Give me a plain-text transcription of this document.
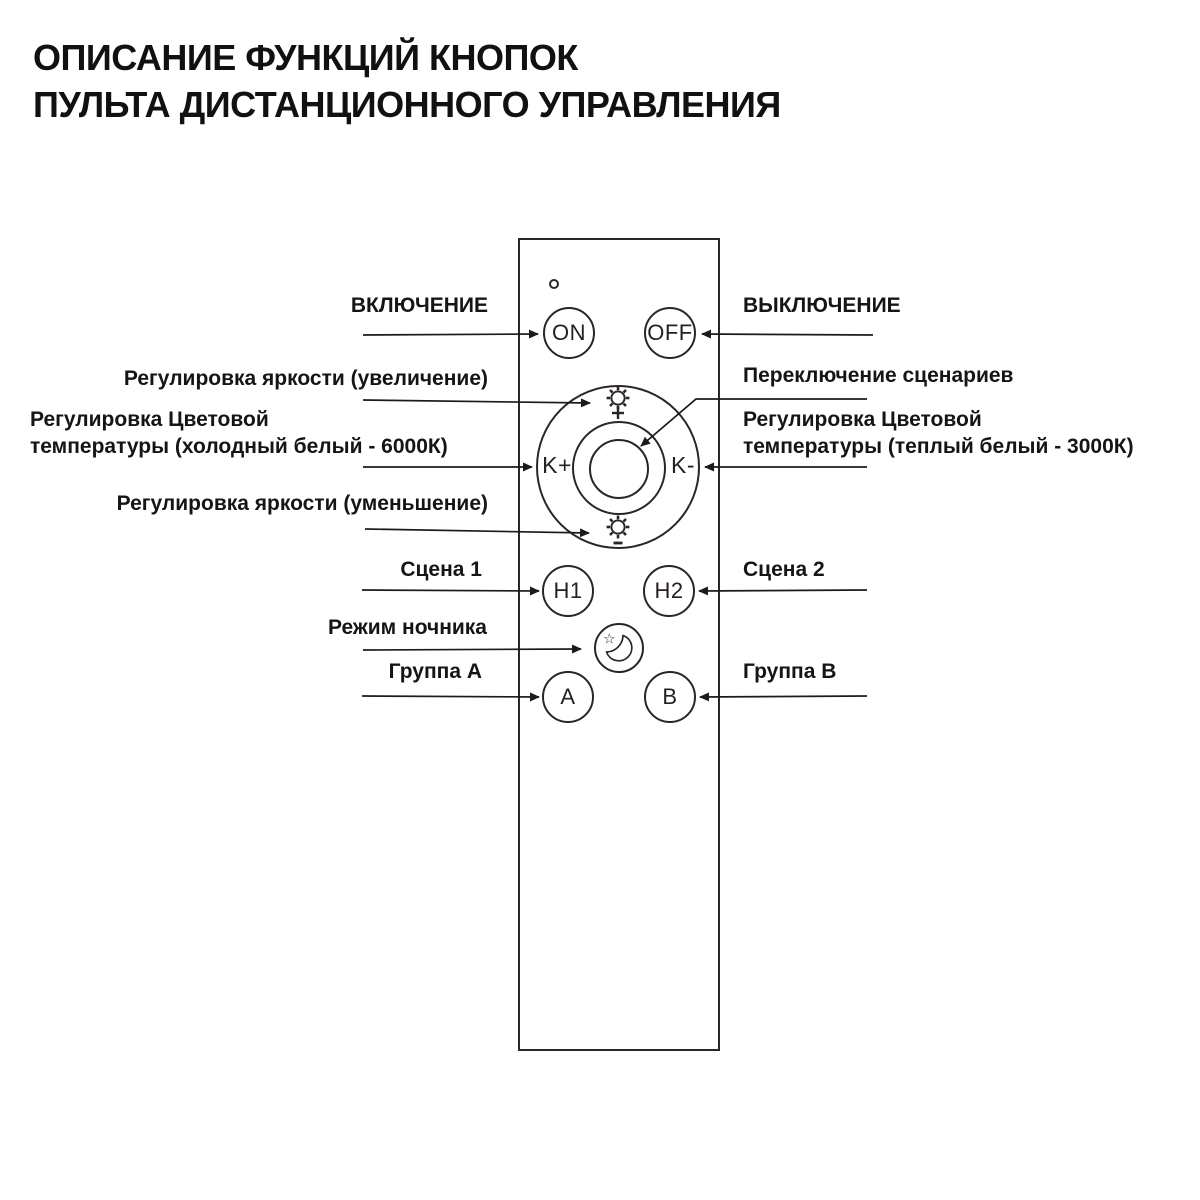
ОПИСАНИЕ ФУНКЦИЙ КНОПОК
ПУЛЬТА ДИСТАНЦИОННОГО УПРАВЛЕНИЯ
ON	OFF
K+	K-
H1	H2
☆
A	B
ВКЛЮЧЕНИЕ
Регулировка яркости (увеличение)
Регулировка Цветовой
температуры (холодный белый - 6000К)
Регулировка яркости (уменьшение)
Сцена 1
Режим ночника
Группа A
ВЫКЛЮЧЕНИЕ
Переключение сценариев
Регулировка Цветовой
температуры (теплый белый - 3000К)
Сцена 2
Группа B
